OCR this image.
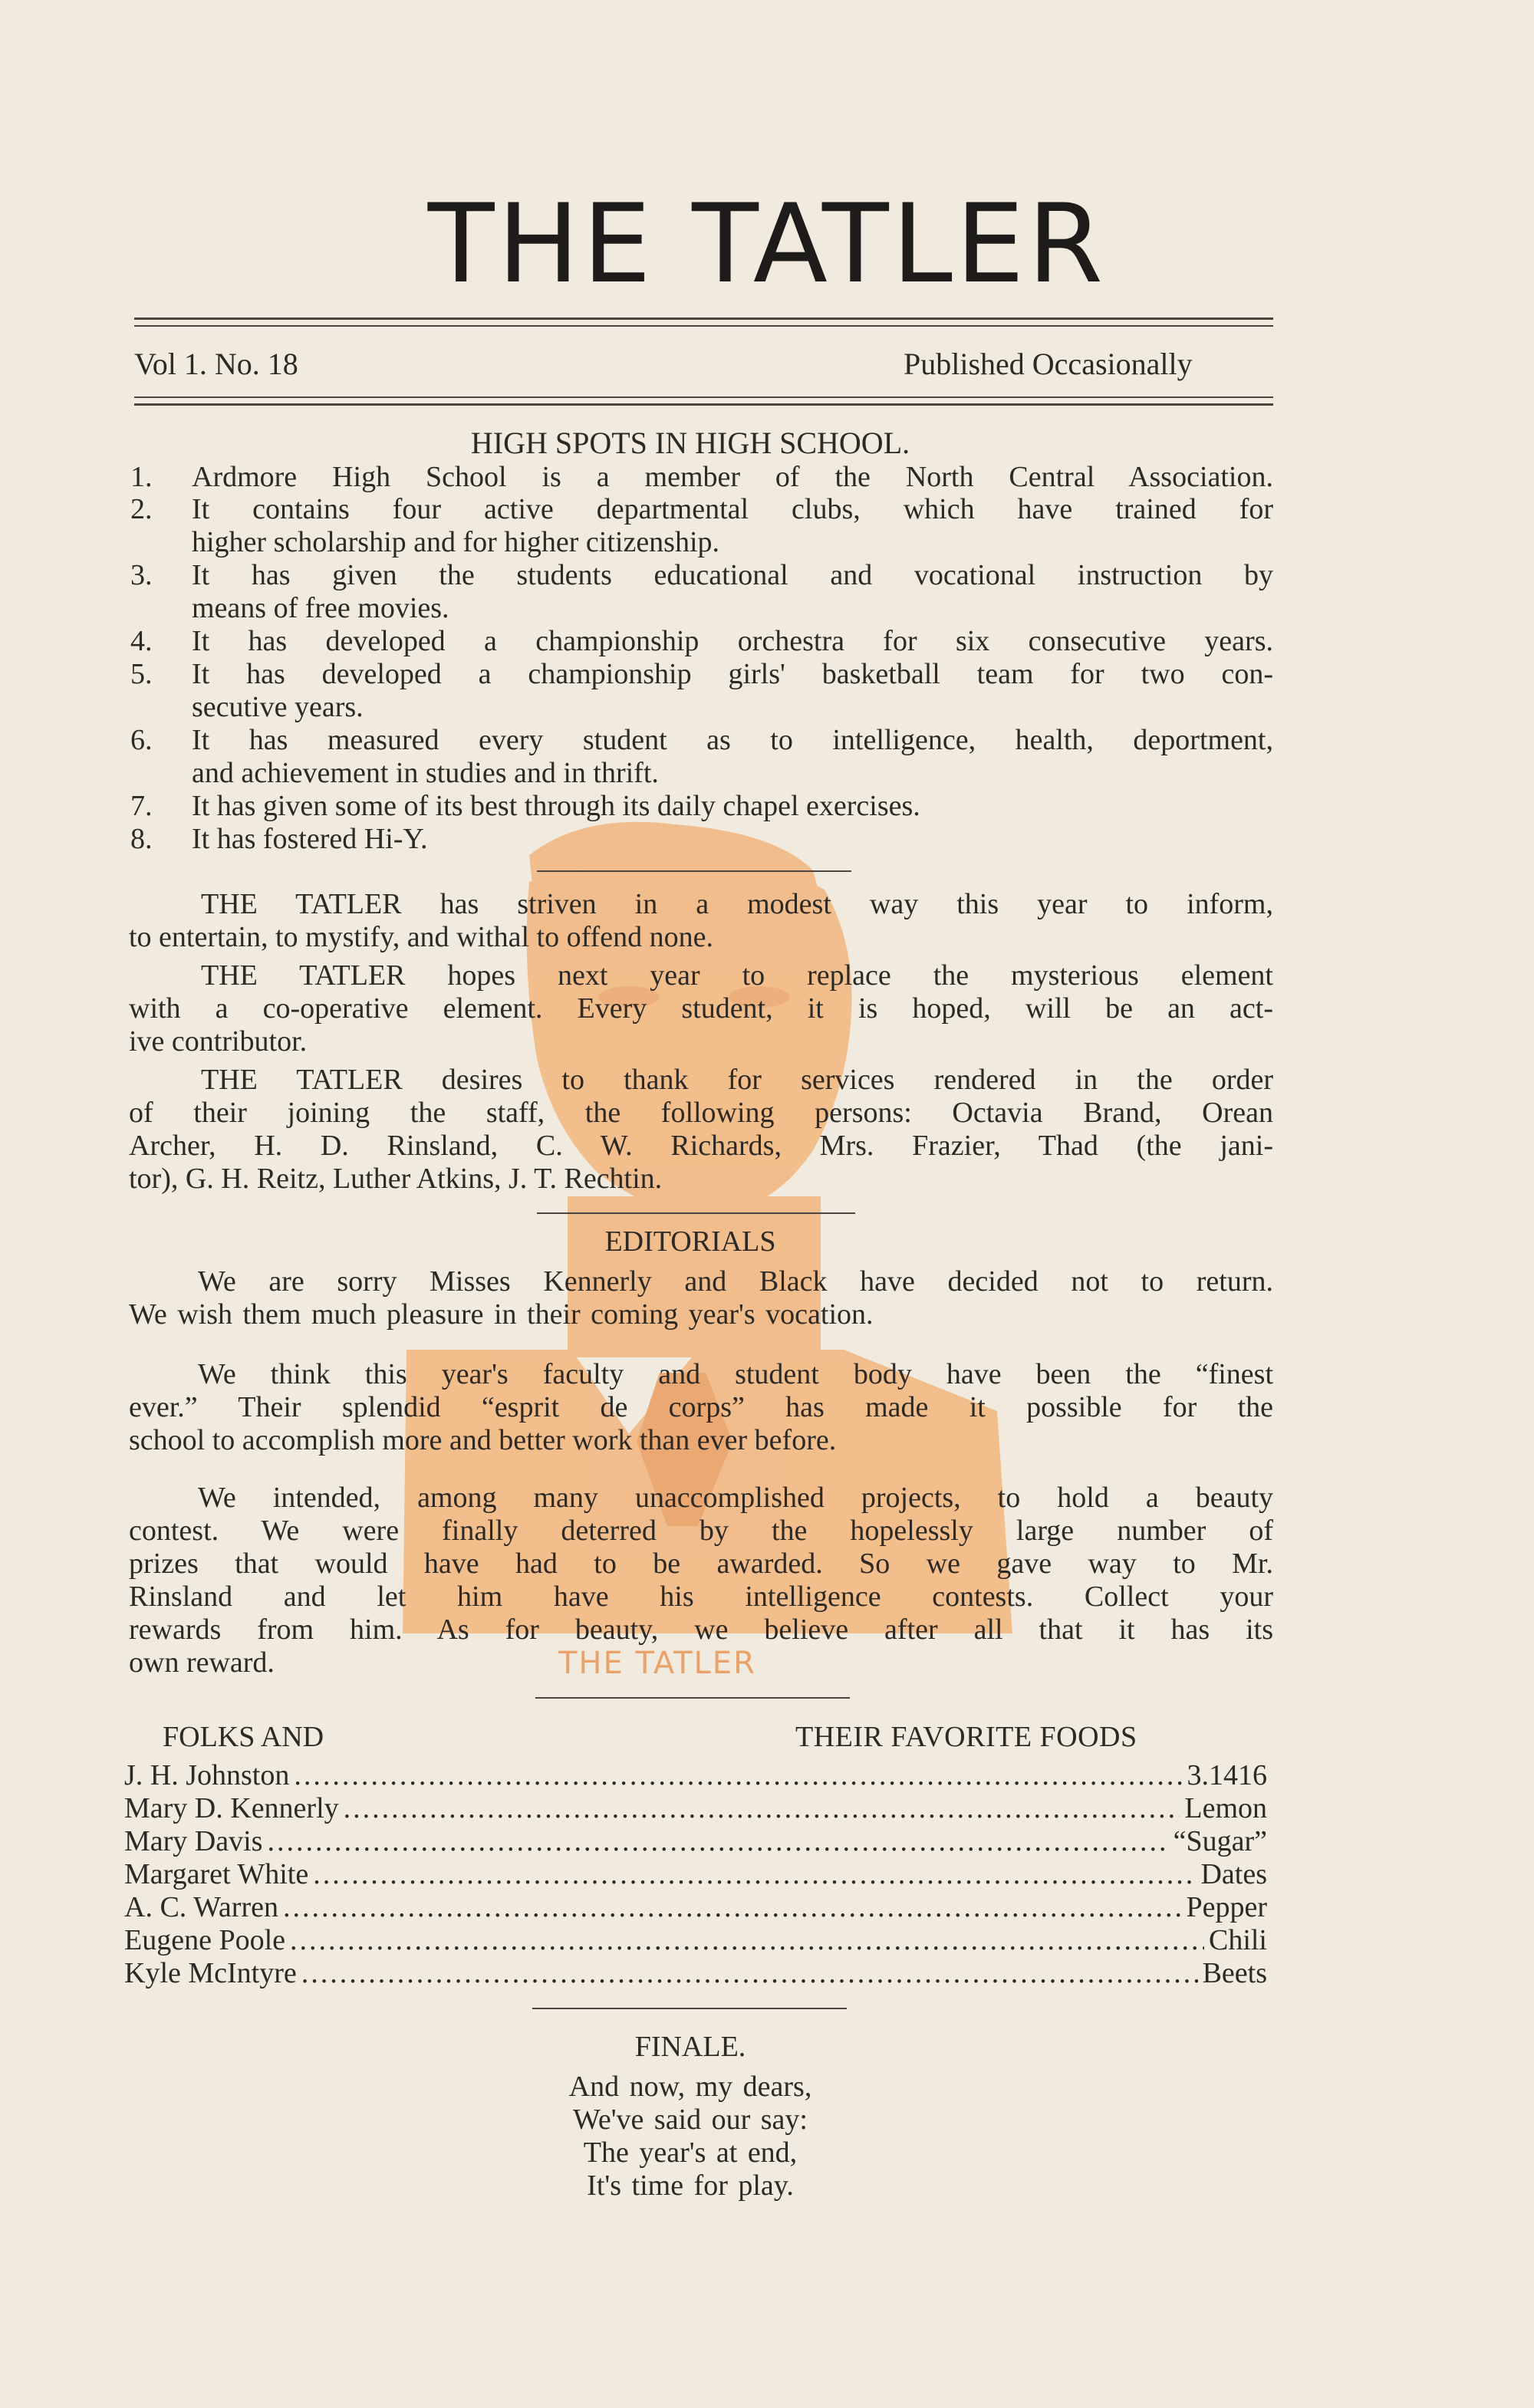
THE TATLER
Vol 1. No. 18	Published Occasionally
HIGH SPOTS IN HIGH SCHOOL.
1. Ardmore High School is a member of the North Central Association.
2. It contains four active departmental clubs, which have trained for
higher scholarship and for higher citizenship.
3. It has given the students educational and vocational instruction by
means of free movies.
4. It has developed a championship orchestra for six consecutive years.
5. It has developed a championship girls' basketball team for two con-
secutive years.
6. It has measured every student as to intelligence, health, deportment,
and achievement in studies and in thrift.
7. It has given some of its best through its daily chapel exercises.
8. It has fostered Hi-Y.
THE TATLER has striven in a modest way this year to inform,
to entertain, to mystify, and withal to offend none.
THE TATLER hopes next year to replace the mysterious element
with a co-operative element. Every student, it is hoped, will be an act-
ive contributor.
THE TATLER desires to thank for services rendered in the order
of their joining the staff, the following persons: Octavia Brand, Orean
Archer, H. D. Rinsland, C. W. Richards, Mrs. Frazier, Thad (the jani-
tor), G. H. Reitz, Luther Atkins, J. T. Rechtin.
EDITORIALS
We are sorry Misses Kennerly and Black have decided not to return.
We wish them much pleasure in their coming year's vocation.
We think this year's faculty and student body have been the “finest
ever.” Their splendid “esprit de corps” has made it possible for the
school to accomplish more and better work than ever before.
We intended, among many unaccomplished projects, to hold a beauty
contest. We were finally deterred by the hopelessly large number of
prizes that would have had to be awarded. So we gave way to Mr.
Rinsland and let him have his intelligence contests. Collect your
rewards from him. As for beauty, we believe after all that it has its
own reward.	THE TATLER
FOLKS AND	THEIR FAVORITE FOODS
J. H. Johnston .....	3.1416
Mary D. Kennerly .....	Lemon
Mary Davis .....	“Sugar”
Margaret White .....	Dates
A. C. Warren .....	Pepper
Eugene Poole .....	Chili
Kyle McIntyre .....	Beets
FINALE.
And now, my dears,
We've said our say:
The year's at end,
It's time for play.
